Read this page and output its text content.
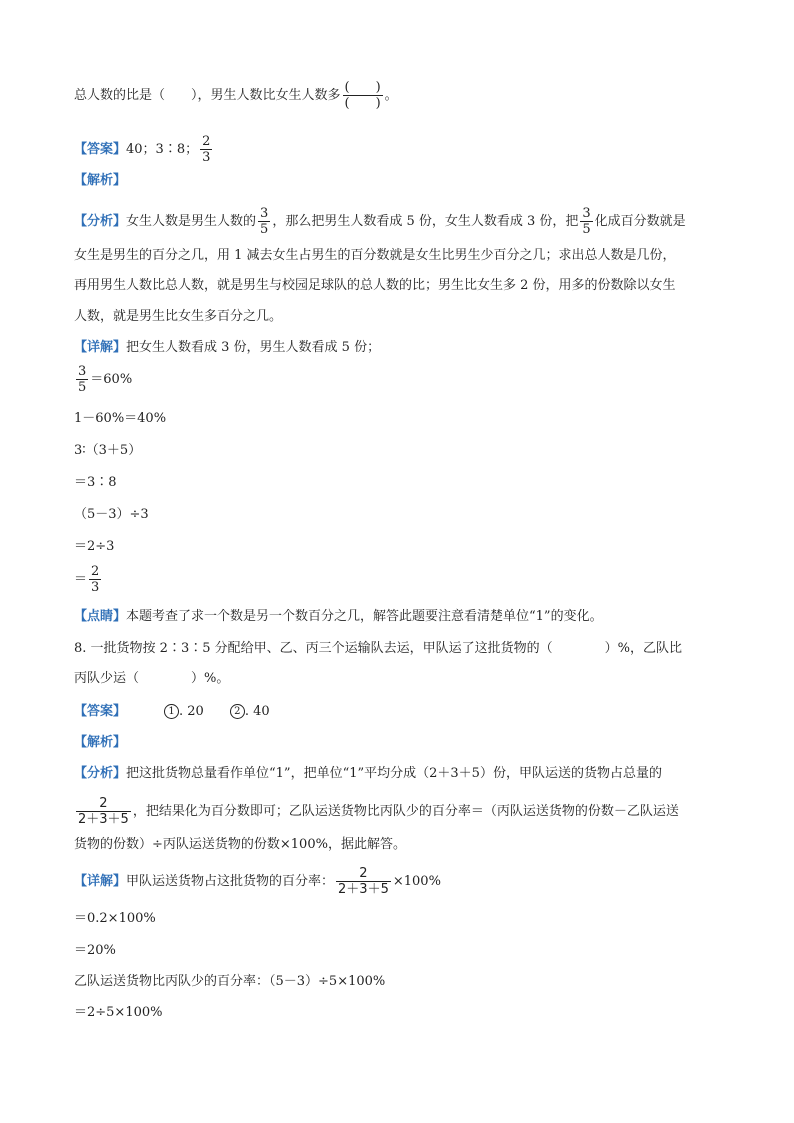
总人数的比是（　　），男生人数比女生人数多 $\frac{( )}{( )}$ 。
【答案】40；3∶8； $\frac{2}{3}$
【解析】
【分析】女生人数是男生人数的 $\frac{3}{5}$ ，那么把男生人数看成 5 份，女生人数看成 3 份，把 $\frac{3}{5}$ 化成百分数就是
女生是男生的百分之几，用 1 减去女生占男生的百分数就是女生比男生少百分之几；求出总人数是几份，
再用男生人数比总人数，就是男生与校园足球队的总人数的比；男生比女生多 2 份，用多的份数除以女生
人数，就是男生比女生多百分之几。
【详解】把女生人数看成 3 份，男生人数看成 5 份；
$\frac{3}{5} =60\%$
1－60%＝40%
3∶（3＋5）
＝3∶8
（5－3）÷3
＝2÷3
＝ $\frac{2}{3}$
【点睛】本题考查了求一个数是另一个数百分之几，解答此题要注意看清楚单位“1”的变化。
8. 一批货物按 2∶3∶5 分配给甲、乙、丙三个运输队去运，甲队运了这批货物的（　　　　）%，乙队比
丙队少运（　　　　）%。
【答案】	1 . 20	2 . 40
【解析】
【分析】把这批货物总量看作单位“1”，把单位“1”平均分成（2＋3＋5）份，甲队运送的货物占总量的
$\frac{2}{2+3+5}$ ，把结果化为百分数即可；乙队运送货物比丙队少的百分率＝（丙队运送货物的份数－乙队运送
货物的份数）÷丙队运送货物的份数×100%，据此解答。
【详解】甲队运送货物占这批货物的百分率： $\frac{2}{2+3+5} \times 100\%$
＝0.2×100%
＝20%
乙队运送货物比丙队少的百分率：（5－3）÷5×100%
＝2÷5×100%
